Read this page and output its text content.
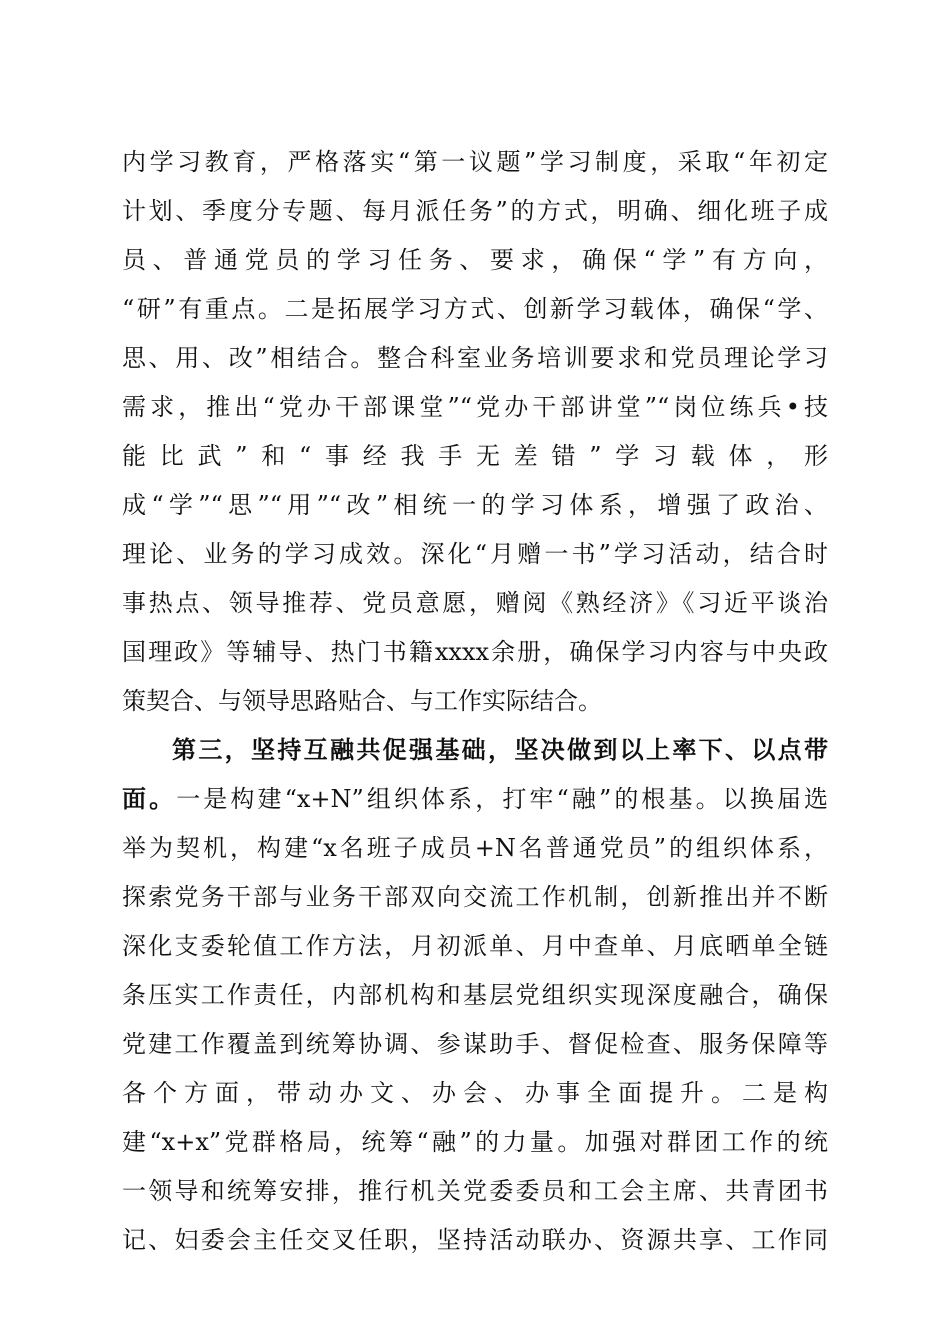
内学习教育，严格落实“第一议题”学习制度，采取“年初定
计划、季度分专题、每月派任务”的方式，明确、细化班子成
员、普通党员的学习任务、要求，确保“学”有方向，
“研”有重点。二是拓展学习方式、创新学习载体，确保“学、
思、用、改”相结合。整合科室业务培训要求和党员理论学习
需求，推出“党办干部课堂”“党办干部讲堂”“岗位练兵•技
能比武”和“事经我手无差错”学习载体，形
成“学”“思”“用”“改”相统一的学习体系，增强了政治、
理论、业务的学习成效。深化“月赠一书”学习活动，结合时
事热点、领导推荐、党员意愿，赠阅《熟经济》《习近平谈治
国理政》等辅导、热门书籍xxxx余册，确保学习内容与中央政
策契合、与领导思路贴合、与工作实际结合。
第三，坚持互融共促强基础，坚决做到以上率下、以点带
面。一是构建“x+N”组织体系，打牢“融”的根基。以换届选
举为契机，构建“x名班子成员+N名普通党员”的组织体系，
探索党务干部与业务干部双向交流工作机制，创新推出并不断
深化支委轮值工作方法，月初派单、月中查单、月底晒单全链
条压实工作责任，内部机构和基层党组织实现深度融合，确保
党建工作覆盖到统筹协调、参谋助手、督促检查、服务保障等
各个方面，带动办文、办会、办事全面提升。二是构
建“x+x”党群格局，统筹“融”的力量。加强对群团工作的统
一领导和统筹安排，推行机关党委委员和工会主席、共青团书
记、妇委会主任交叉任职，坚持活动联办、资源共享、工作同
